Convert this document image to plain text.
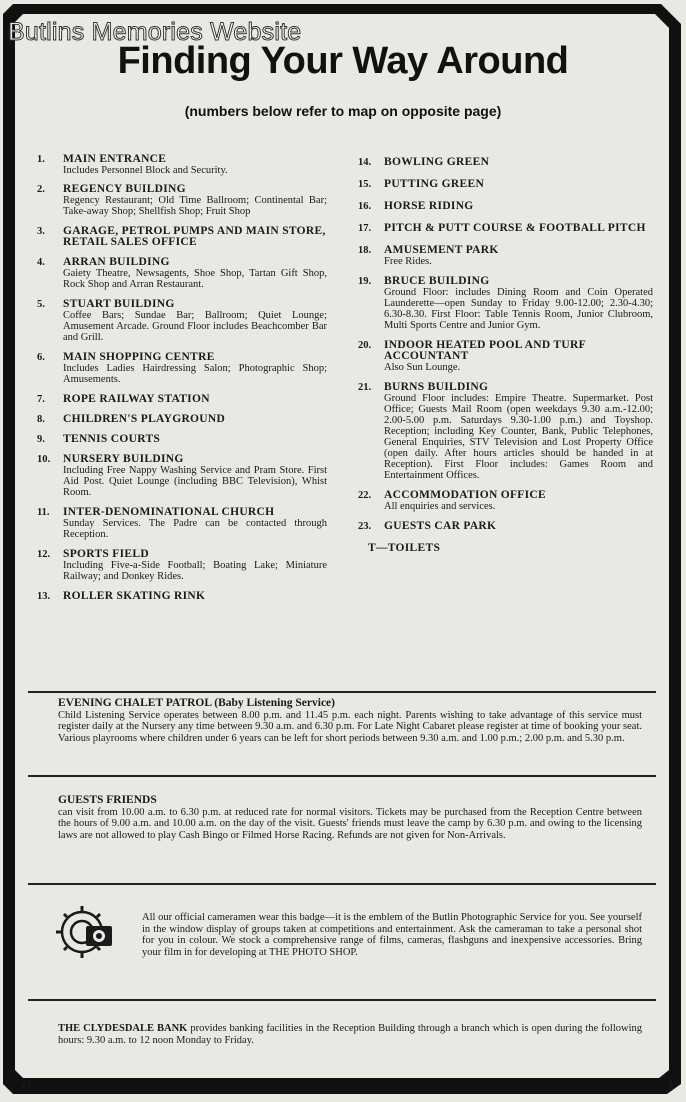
Butlins Memories Website
Finding Your Way Around
(numbers below refer to map on opposite page)
1. MAIN ENTRANCE
Includes Personnel Block and Security.
2. REGENCY BUILDING
Regency Restaurant; Old Time Ballroom; Continental Bar; Take-away Shop; Shellfish Shop; Fruit Shop
3. GARAGE, PETROL PUMPS AND MAIN STORE, RETAIL SALES OFFICE
4. ARRAN BUILDING
Gaiety Theatre, Newsagents, Shoe Shop, Tartan Gift Shop, Rock Shop and Arran Restaurant.
5. STUART BUILDING
Coffee Bars; Sundae Bar; Ballroom; Quiet Lounge; Amusement Arcade. Ground Floor includes Beachcomber Bar and Grill.
6. MAIN SHOPPING CENTRE
Includes Ladies Hairdressing Salon; Photographic Shop; Amusements.
7. ROPE RAILWAY STATION
8. CHILDREN'S PLAYGROUND
9. TENNIS COURTS
10. NURSERY BUILDING
Including Free Nappy Washing Service and Pram Store. First Aid Post. Quiet Lounge (including BBC Television), Whist Room.
11. INTER-DENOMINATIONAL CHURCH
Sunday Services. The Padre can be contacted through Reception.
12. SPORTS FIELD
Including Five-a-Side Football; Boating Lake; Miniature Railway; and Donkey Rides.
13. ROLLER SKATING RINK
14. BOWLING GREEN
15. PUTTING GREEN
16. HORSE RIDING
17. PITCH & PUTT COURSE & FOOTBALL PITCH
18. AMUSEMENT PARK
Free Rides.
19. BRUCE BUILDING
Ground Floor: includes Dining Room and Coin Operated Launderette—open Sunday to Friday 9.00-12.00; 2.30-4.30; 6.30-8.30. First Floor: Table Tennis Room, Junior Clubroom, Multi Sports Centre and Junior Gym.
20. INDOOR HEATED POOL AND TURF ACCOUNTANT
Also Sun Lounge.
21. BURNS BUILDING
Ground Floor includes: Empire Theatre. Supermarket. Post Office; Guests Mail Room (open weekdays 9.30 a.m.-12.00; 2.00-5.00 p.m. Saturdays 9.30-1.00 p.m.) and Toyshop. Reception; including Key Counter, Bank, Public Telephones, General Enquiries, STV Television and Lost Property Office (open daily. After hours articles should be handed in at Reception). First Floor includes: Games Room and Entertainment Offices.
22. ACCOMMODATION OFFICE
All enquiries and services.
23. GUESTS CAR PARK
T—TOILETS
EVENING CHALET PATROL (Baby Listening Service)
Child Listening Service operates between 8.00 p.m. and 11.45 p.m. each night. Parents wishing to take advantage of this service must register daily at the Nursery any time between 9.30 a.m. and 6.30 p.m. For Late Night Cabaret please register at time of booking your seat. Various playrooms where children under 6 years can be left for short periods between 9.30 a.m. and 1.00 p.m.; 2.00 p.m. and 5.30 p.m.
GUESTS FRIENDS
can visit from 10.00 a.m. to 6.30 p.m. at reduced rate for normal visitors. Tickets may be purchased from the Reception Centre between the hours of 9.00 a.m. and 10.00 a.m. on the day of the visit. Guests' friends must leave the camp by 6.30 p.m. and owing to the licensing laws are not allowed to play Cash Bingo or Filmed Horse Racing. Refunds are not given for Non-Arrivals.
All our official cameramen wear this badge—it is the emblem of the Butlin Photographic Service for you. See yourself in the window display of groups taken at competitions and entertainment. Ask the cameraman to take a personal shot for you in colour. We stock a comprehensive range of films, cameras, flashguns and inexpensive accessories. Bring your film in for developing at THE PHOTO SHOP.
THE CLYDESDALE BANK provides banking facilities in the Reception Building through a branch which is open during the following hours: 9.30 a.m. to 12 noon Monday to Friday.
O	1
